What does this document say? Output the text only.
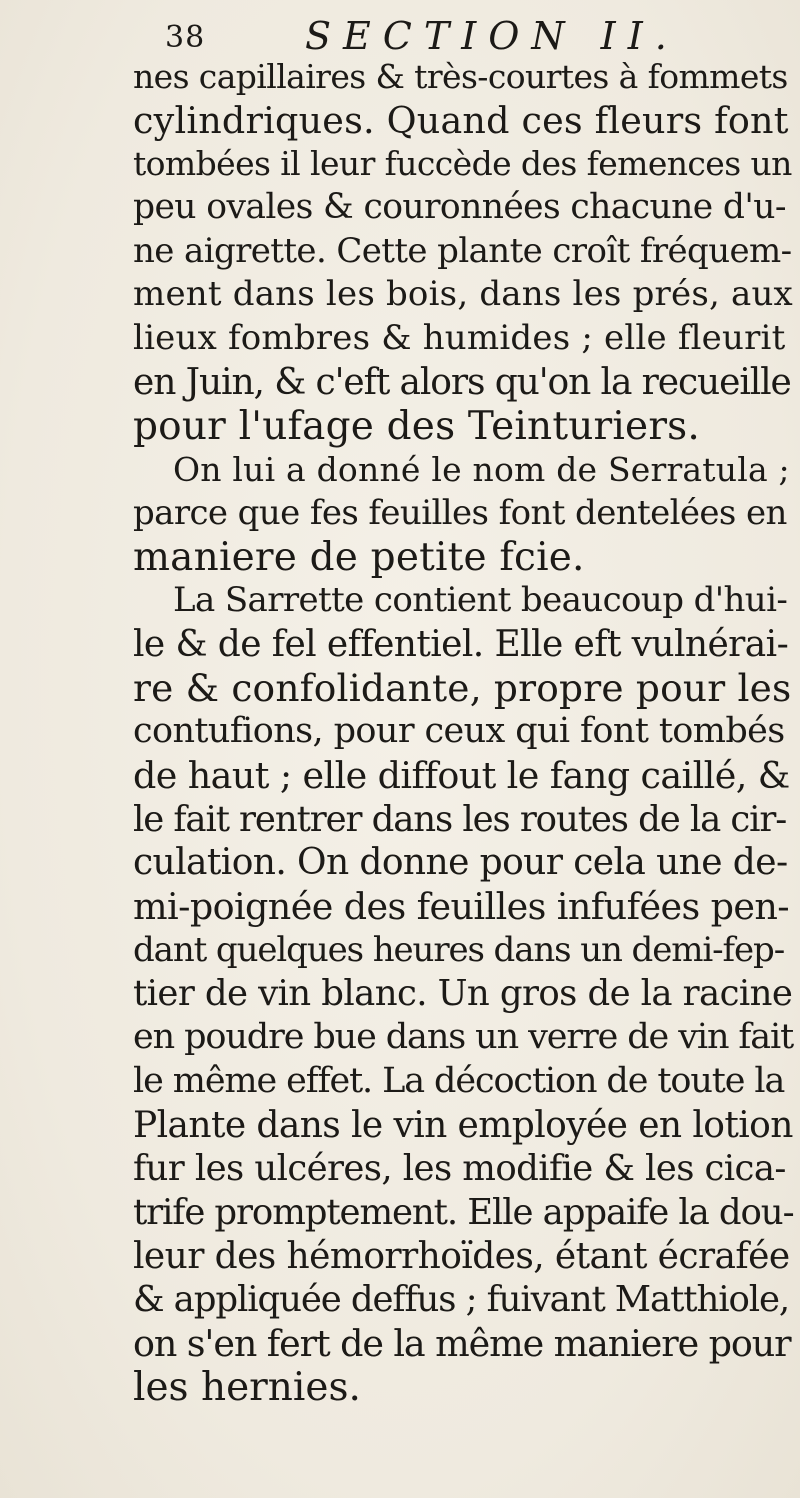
38	SECTION II.
nes capillaires & très-courtes à fommets
cylindriques. Quand ces fleurs font
tombées il leur fuccède des femences un
peu ovales & couronnées chacune d'u-
ne aigrette. Cette plante croît fréquem-
ment dans les bois, dans les prés, aux
lieux fombres & humides ; elle fleurit
en Juin, & c'eft alors qu'on la recueille
pour l'ufage des Teinturiers.
On lui a donné le nom de Serratula ;
parce que fes feuilles font dentelées en
maniere de petite fcie.
La Sarrette contient beaucoup d'hui-
le & de fel effentiel. Elle eft vulnérai-
re & confolidante, propre pour les
contufions, pour ceux qui font tombés
de haut ; elle diffout le fang caillé, &
le fait rentrer dans les routes de la cir-
culation. On donne pour cela une de-
mi-poignée des feuilles infufées pen-
dant quelques heures dans un demi-fep-
tier de vin blanc. Un gros de la racine
en poudre bue dans un verre de vin fait
le même effet. La décoction de toute la
Plante dans le vin employée en lotion
fur les ulcéres, les modifie & les cica-
trife promptement. Elle appaife la dou-
leur des hémorrhoïdes, étant écrafée
& appliquée deffus ; fuivant Matthiole,
on s'en fert de la même maniere pour
les hernies.
